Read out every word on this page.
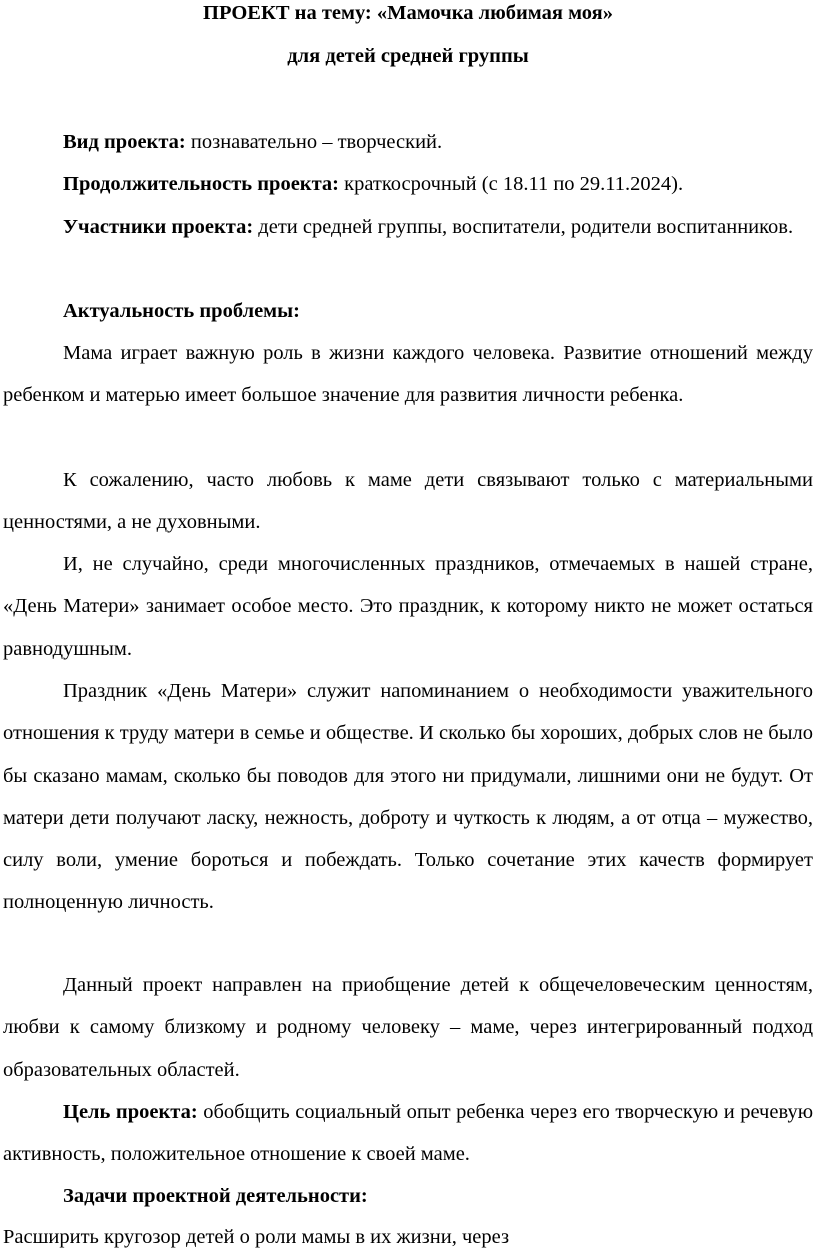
ПРОЕКТ на тему: «Мамочка любимая моя»

для детей средней группы

Вид проекта: познавательно – творческий.

Продолжительность проекта: краткосрочный (с 18.11 по 29.11.2024).

Участники проекта: дети средней группы, воспитатели, родители воспитанников.

Актуальность проблемы:

Мама играет важную роль в жизни каждого человека. Развитие отношений между ребенком и матерью имеет большое значение для развития личности ребенка.

К сожалению, часто любовь к маме дети связывают только с материальными ценностями, а не духовными.

И, не случайно, среди многочисленных праздников, отмечаемых в нашей стране, «День Матери» занимает особое место. Это праздник, к которому никто не может остаться равнодушным.

Праздник «День Матери» служит напоминанием о необходимости уважительного отношения к труду матери в семье и обществе. И сколько бы хороших, добрых слов не было бы сказано мамам, сколько бы поводов для этого ни придумали, лишними они не будут. От матери дети получают ласку, нежность, доброту и чуткость к людям, а от отца – мужество, силу воли, умение бороться и побеждать. Только сочетание этих качеств формирует полноценную личность.

Данный проект направлен на приобщение детей к общечеловеческим ценностям, любви к самому близкому и родному человеку – маме, через интегрированный подход образовательных областей.

Цель проекта: обобщить социальный опыт ребенка через его творческую и речевую активность, положительное отношение к своей маме.

Задачи проектной деятельности:

Расширить кругозор детей о роли мамы в их жизни, через
